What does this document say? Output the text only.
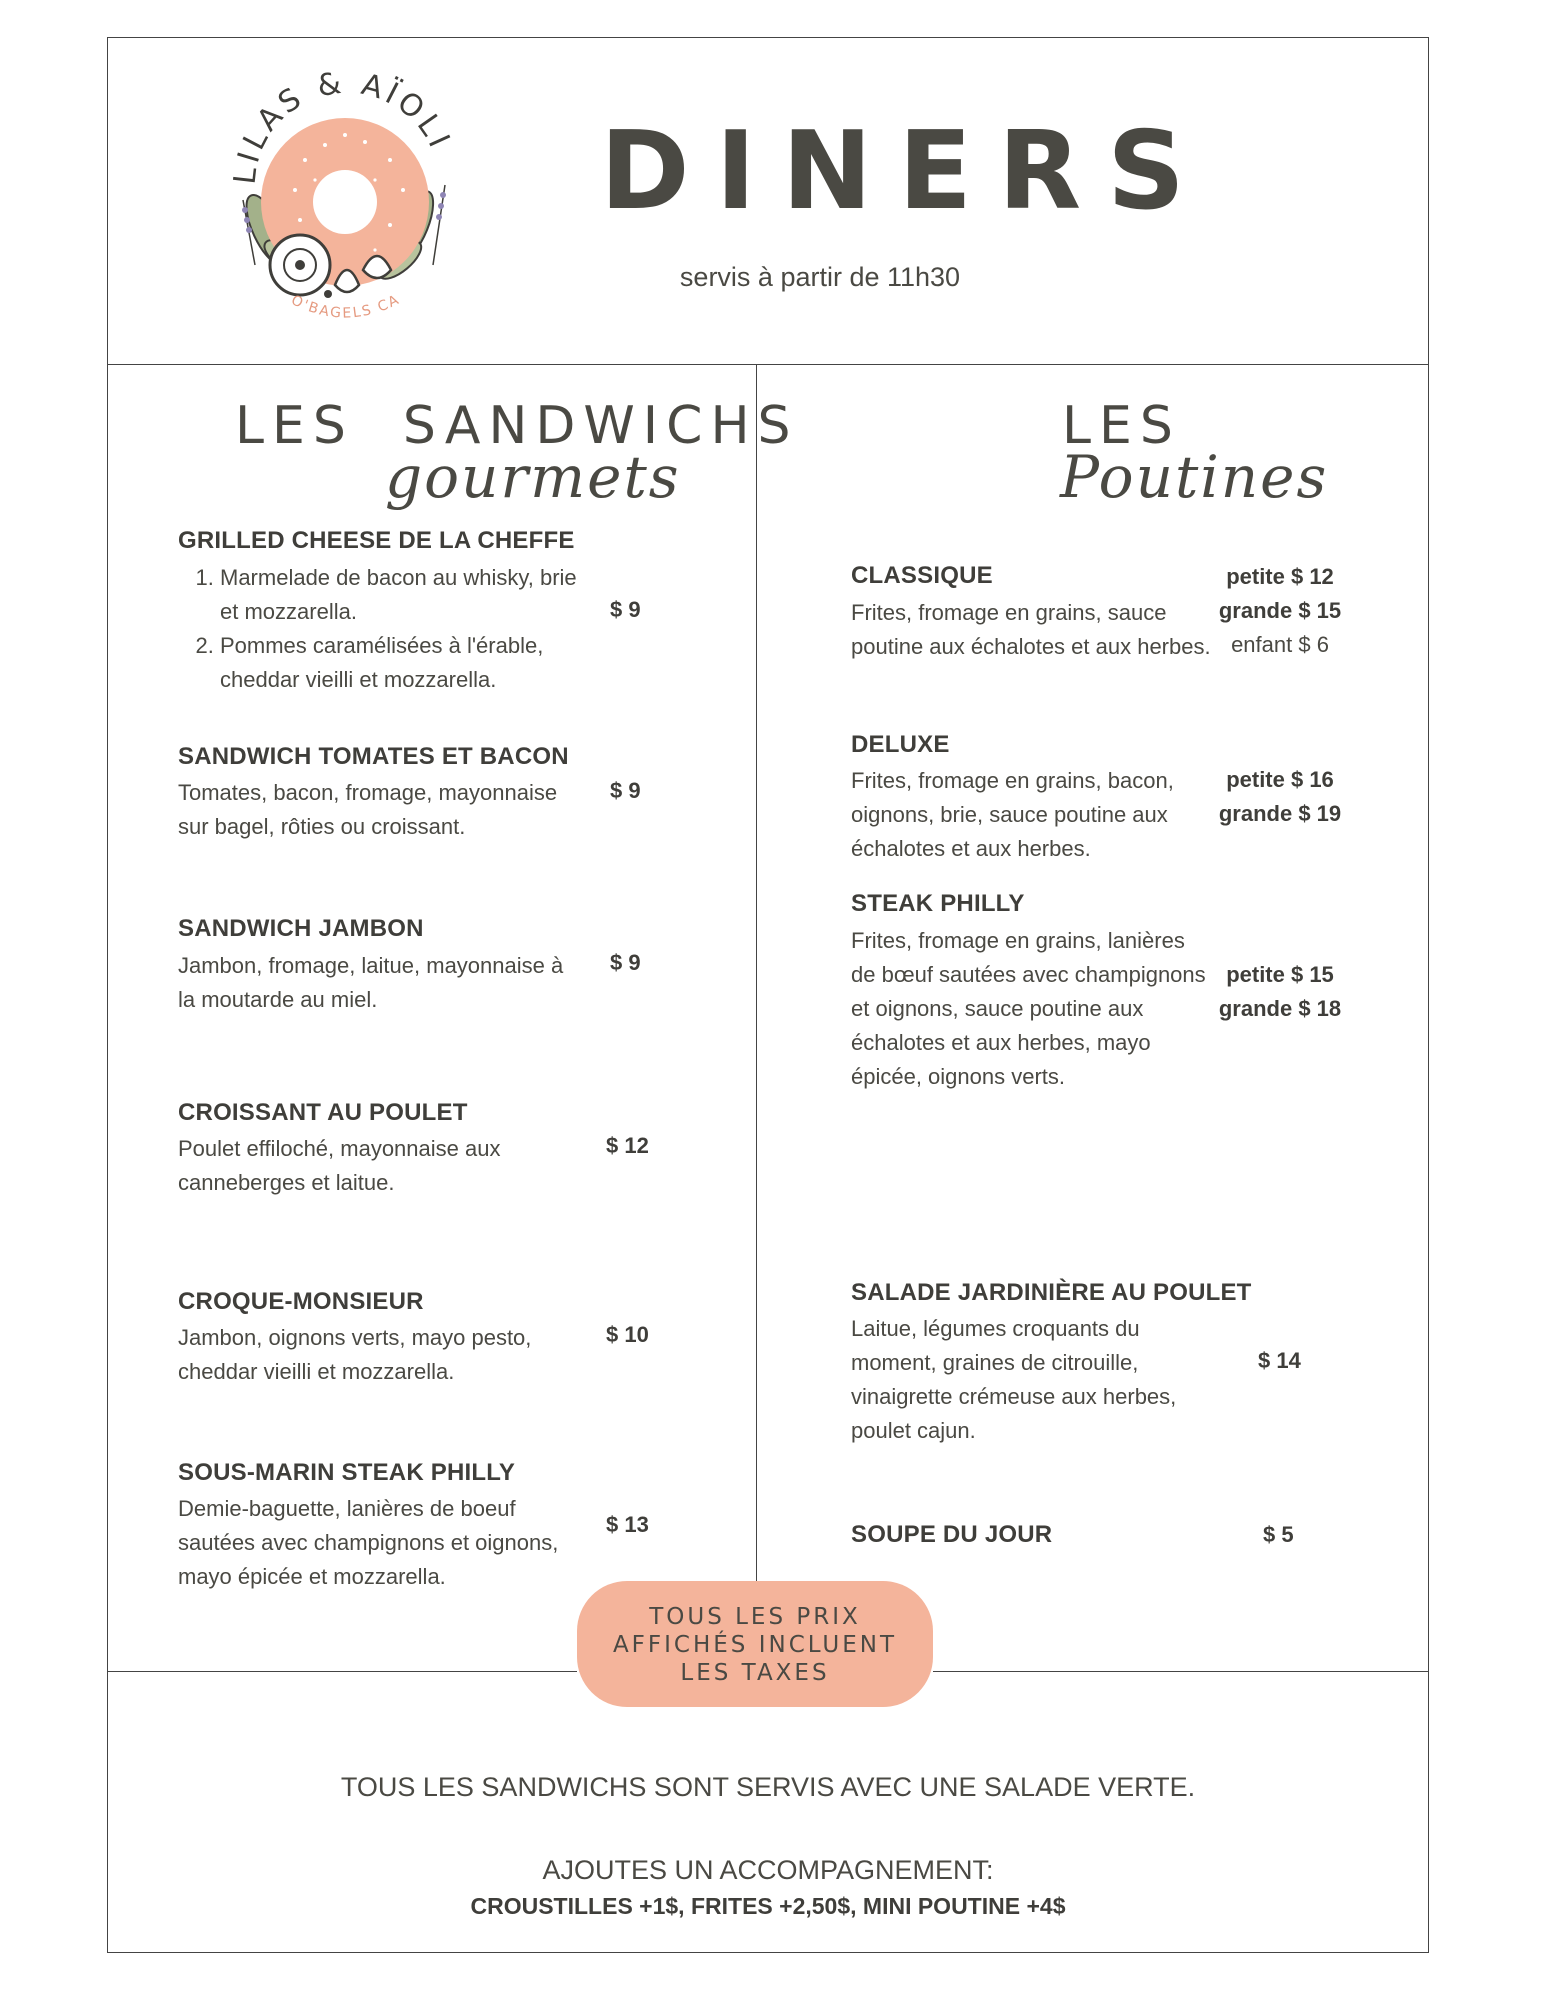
LILAS & AÏOLI
O'BAGELS CA
DINERS
servis à partir de 11h30
LES  SANDWICHS
gourmets
GRILLED CHEESE DE LA CHEFFE
1. Marmelade de bacon au whisky, brie et mozzarella.
2. Pommes caramélisées à l'érable, cheddar vieilli et mozzarella.
$ 9
SANDWICH TOMATES ET BACON
Tomates, bacon, fromage, mayonnaise sur bagel, rôties ou croissant.
$ 9
SANDWICH JAMBON
Jambon, fromage, laitue, mayonnaise à la moutarde au miel.
$ 9
CROISSANT AU POULET
Poulet effiloché, mayonnaise aux canneberges et laitue.
$ 12
CROQUE-MONSIEUR
Jambon, oignons verts, mayo pesto, cheddar vieilli et mozzarella.
$ 10
SOUS-MARIN STEAK PHILLY
Demie-baguette, lanières de boeuf sautées avec champignons et oignons, mayo épicée et mozzarella.
$ 13
LES
Poutines
CLASSIQUE
Frites, fromage en grains, sauce poutine aux échalotes et aux herbes.
petite $ 12
grande $ 15
enfant $ 6
DELUXE
Frites, fromage en grains, bacon, oignons, brie, sauce poutine aux échalotes et aux herbes.
petite $ 16
grande $ 19
STEAK PHILLY
Frites, fromage en grains, lanières de bœuf sautées avec champignons et oignons, sauce poutine aux échalotes et aux herbes, mayo épicée, oignons verts.
petite $ 15
grande $ 18
SALADE JARDINIÈRE AU POULET
Laitue, légumes croquants du moment, graines de citrouille, vinaigrette crémeuse aux herbes, poulet cajun.
$ 14
SOUPE DU JOUR	$ 5
TOUS LES PRIX
AFFICHÉS INCLUENT
LES TAXES
TOUS LES SANDWICHS SONT SERVIS AVEC UNE SALADE VERTE.
AJOUTES UN ACCOMPAGNEMENT:
CROUSTILLES +1$, FRITES +2,50$, MINI POUTINE +4$
